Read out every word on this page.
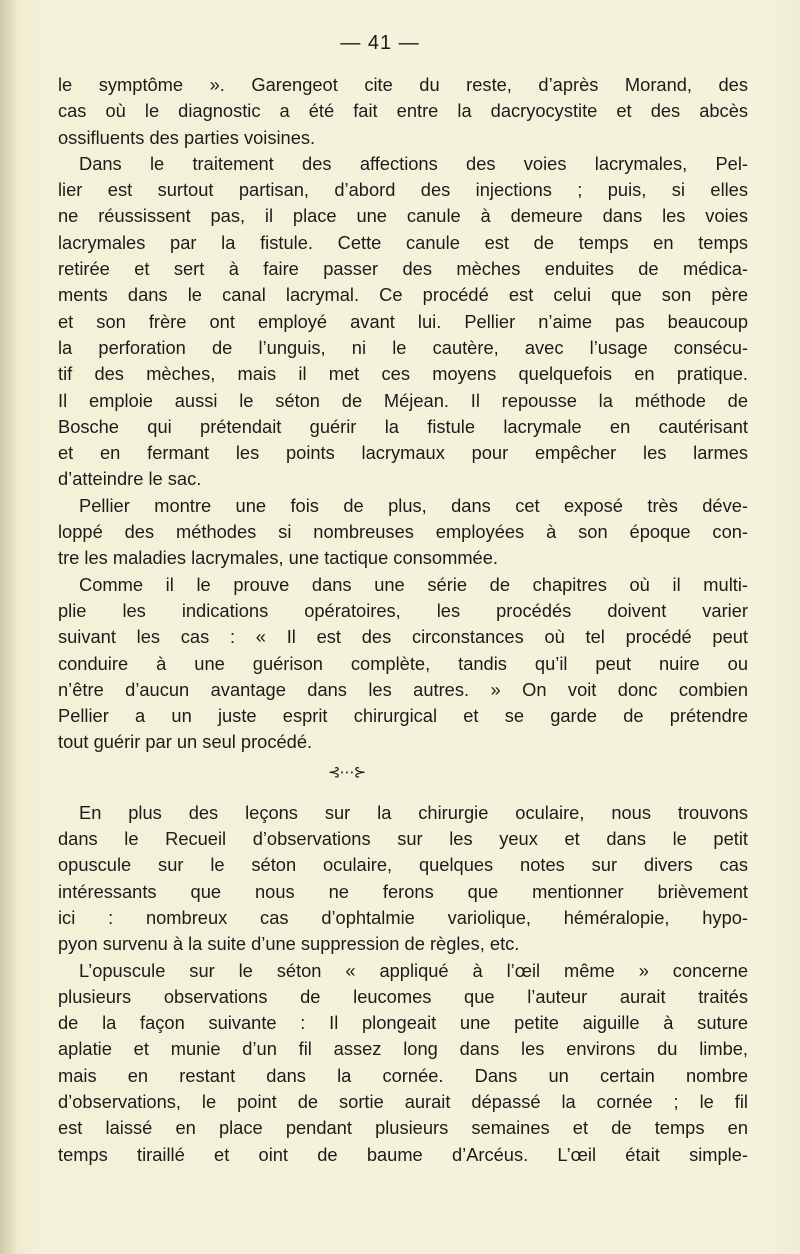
— 41 —

le symptôme ». Garengeot cite du reste, d’après Morand, des

cas où le diagnostic a été fait entre la dacryocystite et des abcès

ossifluents des parties voisines.

Dans le traitement des affections des voies lacrymales, Pel-

lier est surtout partisan, d’abord des injections ; puis, si elles

ne réussissent pas, il place une canule à demeure dans les voies

lacrymales par la fistule. Cette canule est de temps en temps

retirée et sert à faire passer des mèches enduites de médica-

ments dans le canal lacrymal. Ce procédé est celui que son père

et son frère ont employé avant lui. Pellier n’aime pas beaucoup

la perforation de l’unguis, ni le cautère, avec l’usage consécu-

tif des mèches, mais il met ces moyens quelquefois en pratique.

Il emploie aussi le séton de Méjean. Il repousse la méthode de

Bosche qui prétendait guérir la fistule lacrymale en cautérisant

et en fermant les points lacrymaux pour empêcher les larmes

d’atteindre le sac.

Pellier montre une fois de plus, dans cet exposé très déve-

loppé des méthodes si nombreuses employées à son époque con-

tre les maladies lacrymales, une tactique consommée.

Comme il le prouve dans une série de chapitres où il multi-

plie les indications opératoires, les procédés doivent varier

suivant les cas : « Il est des circonstances où tel procédé peut

conduire à une guérison complète, tandis qu’il peut nuire ou

n’être d’aucun avantage dans les autres. » On voit donc combien

Pellier a un juste esprit chirurgical et se garde de prétendre

tout guérir par un seul procédé.

⊰⋯⊱

En plus des leçons sur la chirurgie oculaire, nous trouvons

dans le Recueil d’observations sur les yeux et dans le petit

opuscule sur le séton oculaire, quelques notes sur divers cas

intéressants que nous ne ferons que mentionner brièvement

ici : nombreux cas d’ophtalmie variolique, héméralopie, hypo-

pyon survenu à la suite d’une suppression de règles, etc.

L’opuscule sur le séton « appliqué à l’œil même » concerne

plusieurs observations de leucomes que l’auteur aurait traités

de la façon suivante : Il plongeait une petite aiguille à suture

aplatie et munie d’un fil assez long dans les environs du limbe,

mais en restant dans la cornée. Dans un certain nombre

d’observations, le point de sortie aurait dépassé la cornée ; le fil

est laissé en place pendant plusieurs semaines et de temps en

temps tiraillé et oint de baume d’Arcéus. L’œil était simple-
